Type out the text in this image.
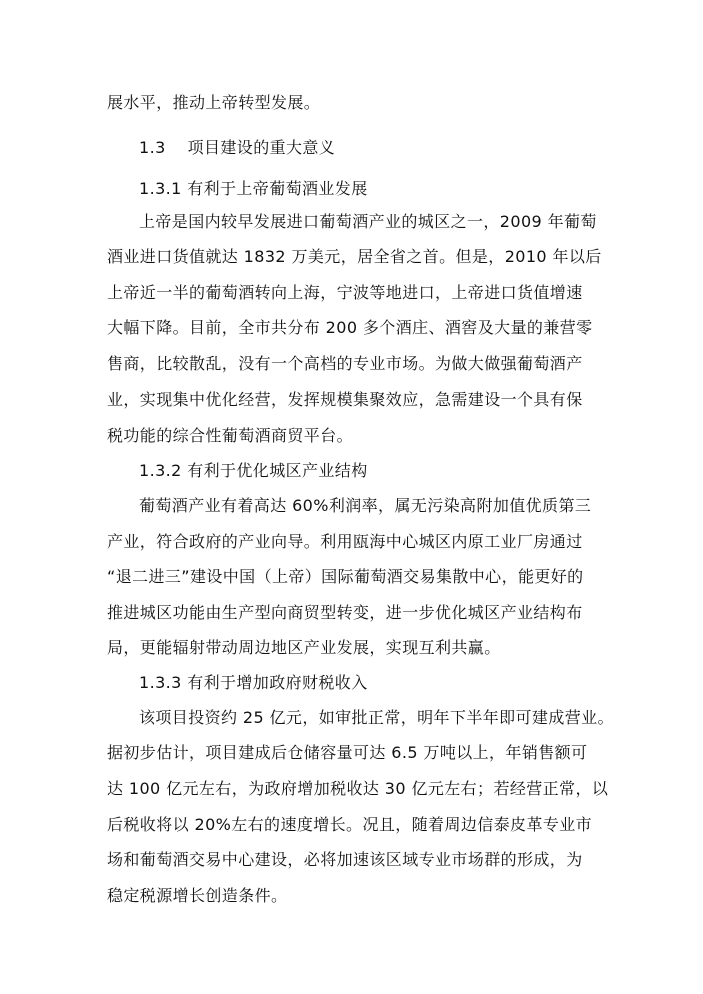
展水平，推动上帝转型发展。
1.3    项目建设的重大意义
1.3.1 有利于上帝葡萄酒业发展
上帝是国内较早发展进口葡萄酒产业的城区之一，2009 年葡萄
酒业进口货值就达 1832 万美元，居全省之首。但是，2010 年以后
上帝近一半的葡萄酒转向上海，宁波等地进口，上帝进口货值增速
大幅下降。目前，全市共分布 200 多个酒庄、酒窖及大量的兼营零
售商，比较散乱，没有一个高档的专业市场。为做大做强葡萄酒产
业，实现集中优化经营，发挥规模集聚效应，急需建设一个具有保
税功能的综合性葡萄酒商贸平台。
1.3.2 有利于优化城区产业结构
葡萄酒产业有着高达 60%利润率，属无污染高附加值优质第三
产业，符合政府的产业向导。利用瓯海中心城区内原工业厂房通过
“退二进三”建设中国（上帝）国际葡萄酒交易集散中心，能更好的
推进城区功能由生产型向商贸型转变，进一步优化城区产业结构布
局，更能辐射带动周边地区产业发展，实现互利共赢。
1.3.3 有利于增加政府财税收入
该项目投资约 25 亿元，如审批正常，明年下半年即可建成营业。
据初步估计，项目建成后仓储容量可达 6.5 万吨以上，年销售额可
达 100 亿元左右，为政府增加税收达 30 亿元左右；若经营正常，以
后税收将以 20%左右的速度增长。况且，随着周边信泰皮革专业市
场和葡萄酒交易中心建设，必将加速该区域专业市场群的形成，为
稳定税源增长创造条件。
